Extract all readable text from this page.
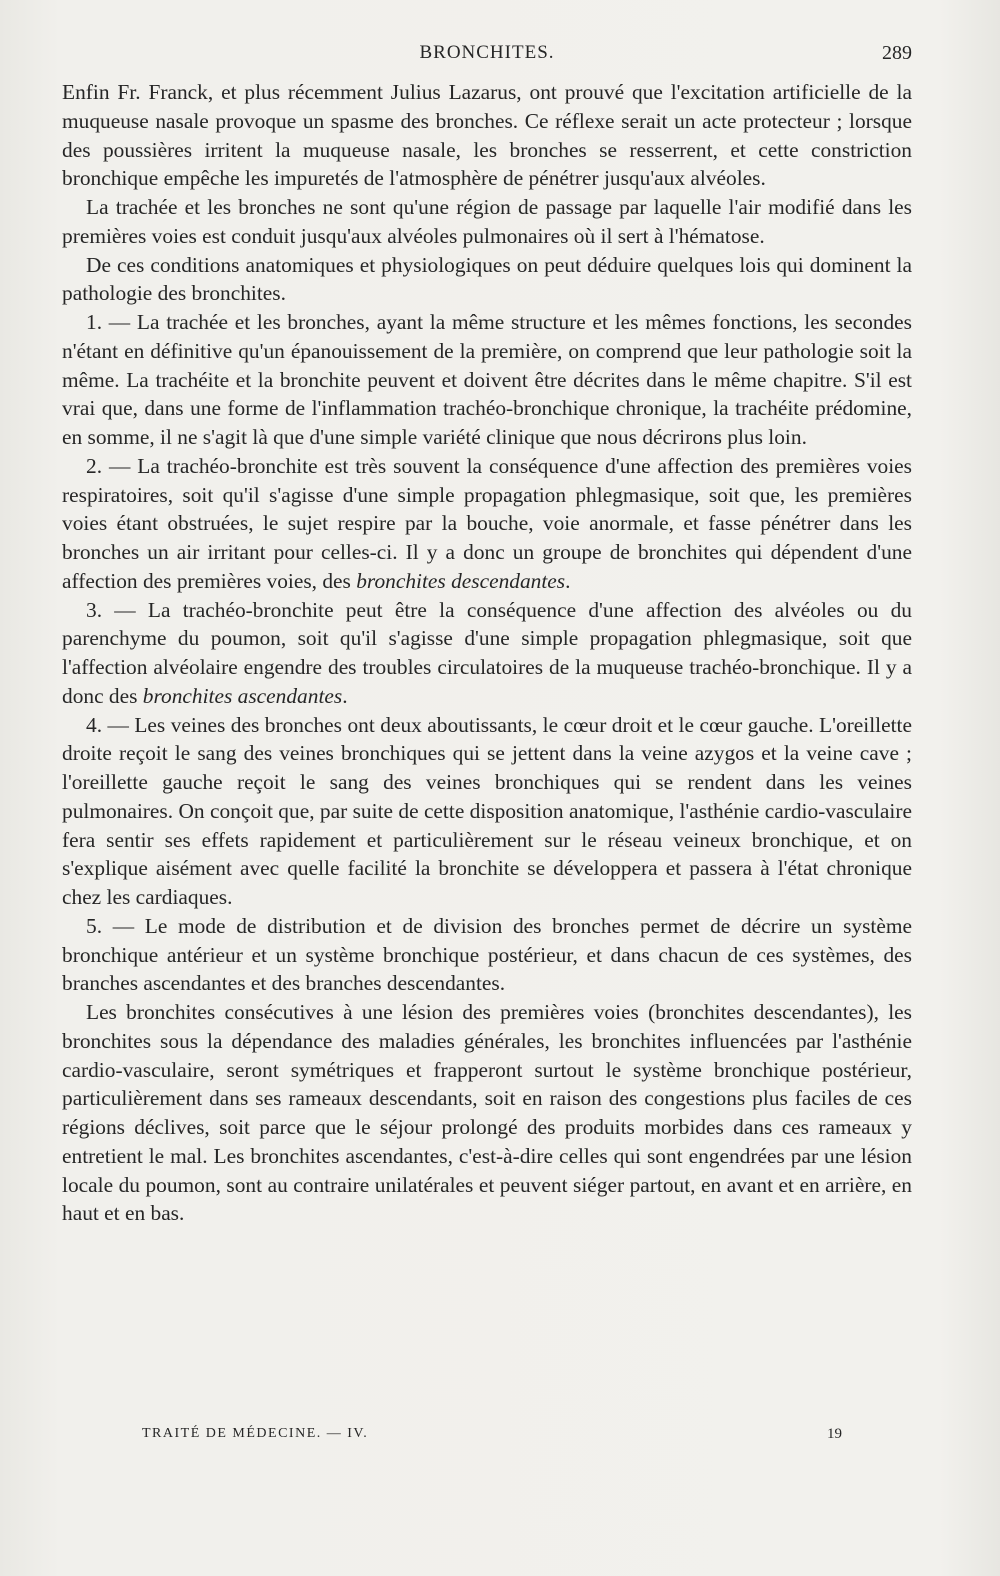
BRONCHITES.	289

Enfin Fr. Franck, et plus récemment Julius Lazarus, ont prouvé que l'excitation artificielle de la muqueuse nasale provoque un spasme des bronches. Ce réflexe serait un acte protecteur ; lorsque des poussières irritent la muqueuse nasale, les bronches se resserrent, et cette constriction bronchique empêche les impuretés de l'atmosphère de pénétrer jusqu'aux alvéoles.

La trachée et les bronches ne sont qu'une région de passage par laquelle l'air modifié dans les premières voies est conduit jusqu'aux alvéoles pulmonaires où il sert à l'hématose.

De ces conditions anatomiques et physiologiques on peut déduire quelques lois qui dominent la pathologie des bronchites.

1. — La trachée et les bronches, ayant la même structure et les mêmes fonctions, les secondes n'étant en définitive qu'un épanouissement de la première, on comprend que leur pathologie soit la même. La trachéite et la bronchite peuvent et doivent être décrites dans le même chapitre. S'il est vrai que, dans une forme de l'inflammation trachéo-bronchique chronique, la trachéite prédomine, en somme, il ne s'agit là que d'une simple variété clinique que nous décrirons plus loin.

2. — La trachéo-bronchite est très souvent la conséquence d'une affection des premières voies respiratoires, soit qu'il s'agisse d'une simple propagation phlegmasique, soit que, les premières voies étant obstruées, le sujet respire par la bouche, voie anormale, et fasse pénétrer dans les bronches un air irritant pour celles-ci. Il y a donc un groupe de bronchites qui dépendent d'une affection des premières voies, des bronchites descendantes.

3. — La trachéo-bronchite peut être la conséquence d'une affection des alvéoles ou du parenchyme du poumon, soit qu'il s'agisse d'une simple propagation phlegmasique, soit que l'affection alvéolaire engendre des troubles circulatoires de la muqueuse trachéo-bronchique. Il y a donc des bronchites ascendantes.

4. — Les veines des bronches ont deux aboutissants, le cœur droit et le cœur gauche. L'oreillette droite reçoit le sang des veines bronchiques qui se jettent dans la veine azygos et la veine cave ; l'oreillette gauche reçoit le sang des veines bronchiques qui se rendent dans les veines pulmonaires. On conçoit que, par suite de cette disposition anatomique, l'asthénie cardio-vasculaire fera sentir ses effets rapidement et particulièrement sur le réseau veineux bronchique, et on s'explique aisément avec quelle facilité la bronchite se développera et passera à l'état chronique chez les cardiaques.

5. — Le mode de distribution et de division des bronches permet de décrire un système bronchique antérieur et un système bronchique postérieur, et dans chacun de ces systèmes, des branches ascendantes et des branches descendantes.

Les bronchites consécutives à une lésion des premières voies (bronchites descendantes), les bronchites sous la dépendance des maladies générales, les bronchites influencées par l'asthénie cardio-vasculaire, seront symétriques et frapperont surtout le système bronchique postérieur, particulièrement dans ses rameaux descendants, soit en raison des congestions plus faciles de ces régions déclives, soit parce que le séjour prolongé des produits morbides dans ces rameaux y entretient le mal. Les bronchites ascendantes, c'est-à-dire celles qui sont engendrées par une lésion locale du poumon, sont au contraire unilatérales et peuvent siéger partout, en avant et en arrière, en haut et en bas.

TRAITÉ DE MÉDECINE. — IV.	19
